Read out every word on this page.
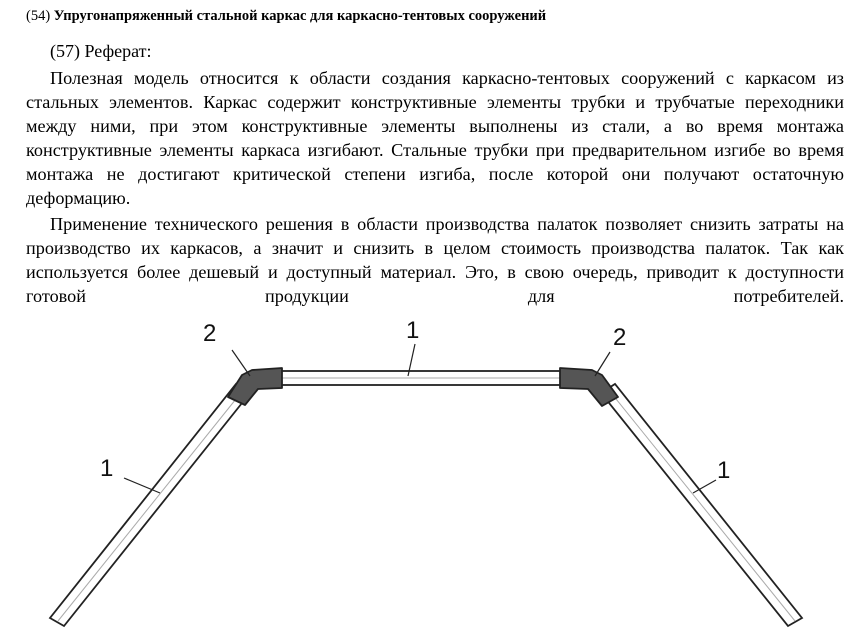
(54) Упругонапряженный стальной каркас для каркасно-тентовых сооружений
(57) Реферат:

Полезная модель относится к области создания каркасно-тентовых сооружений с каркасом из стальных элементов. Каркас содержит конструктивные элементы трубки и трубчатые переходники между ними, при этом конструктивные элементы выполнены из стали, а во время монтажа конструктивные элементы каркаса изгибают. Стальные трубки при предварительном изгибе во время монтажа не достигают критической степени изгиба, после которой они получают остаточную деформацию.

Применение технического решения в области производства палаток позволяет снизить затраты на производство их каркасов, а значит и снизить в целом стоимость производства палаток. Так как используется более дешевый и доступный материал. Это, в свою очередь, приводит к доступности готовой продукции для потребителей.

2	1	2
1	1
